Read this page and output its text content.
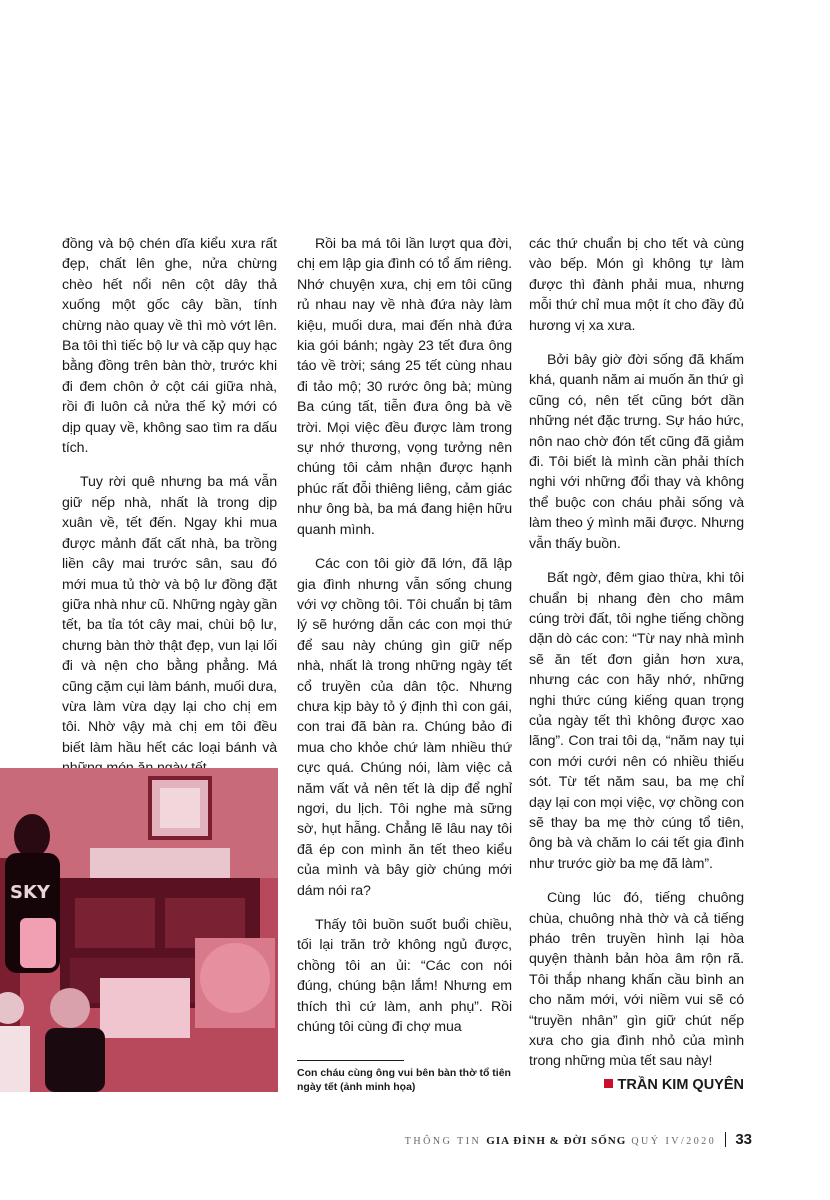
đồng và bộ chén dĩa kiểu xưa rất đẹp, chất lên ghe, nửa chừng chèo hết nổi nên cột dây thả xuống một gốc cây bần, tính chừng nào quay về thì mò vớt lên. Ba tôi thì tiếc bộ lư và cặp quy hạc bằng đồng trên bàn thờ, trước khi đi đem chôn ở cột cái giữa nhà, rồi đi luôn cả nửa thế kỷ mới có dịp quay về, không sao tìm ra dấu tích.

Tuy rời quê nhưng ba má vẫn giữ nếp nhà, nhất là trong dịp xuân về, tết đến. Ngay khi mua được mảnh đất cất nhà, ba trồng liền cây mai trước sân, sau đó mới mua tủ thờ và bộ lư đồng đặt giữa nhà như cũ. Những ngày gần tết, ba tỉa tót cây mai, chùi bộ lư, chưng bàn thờ thật đẹp, vun lại lối đi và nện cho bằng phẳng. Má cũng cặm cụi làm bánh, muối dưa, vừa làm vừa dạy lại cho chị em tôi. Nhờ vậy mà chị em tôi đều biết làm hầu hết các loại bánh và

Rồi ba má tôi lần lượt qua đời, chị em lập gia đình có tổ ấm riêng. Nhớ chuyện xưa, chị em tôi cũng rủ nhau nay về nhà đứa này làm kiệu, muối dưa, mai đến nhà đứa kia gói bánh; ngày 23 tết đưa ông táo về trời; sáng 25 tết cùng nhau đi tảo mộ; 30 rước ông bà; mùng Ba cúng tất, tiễn đưa ông bà về trời. Mọi việc đều được làm trong sự nhớ thương, vọng tưởng nên chúng tôi cảm nhận được hạnh phúc rất đỗi thiêng liêng, cảm giác như ông bà, ba má đang hiện hữu quanh mình.

Các con tôi giờ đã lớn, đã lập gia đình nhưng vẫn sống chung với vợ chồng tôi. Tôi chuẩn bị tâm lý sẽ hướng dẫn các con mọi thứ để sau này chúng gìn giữ nếp nhà, nhất là trong những ngày tết cổ truyền của dân tộc. Nhưng chưa kịp bày tỏ ý định thì con gái, con trai đã bàn ra. Chúng bảo đi mua cho khỏe chứ làm nhiều thứ cực quá. Chúng nói, làm việc cả năm vất vả nên tết là dịp để nghỉ ngơi, du lịch. Tôi nghe mà sững sờ, hụt hẫng. Chẳng lẽ lâu nay tôi đã ép con mình ăn tết theo kiểu của mình và bây giờ chúng mới dám nói ra?

Thấy tôi buồn suốt buổi chiều, tối lại trăn trở không ngủ được, chồng tôi an ủi: “Các con nói đúng, chúng bận lắm! Nhưng em thích thì cứ làm, anh phụ”. Rồi chúng tôi cùng đi chợ mua

các thứ chuẩn bị cho tết và cùng vào bếp. Món gì không tự làm được thì đành phải mua, nhưng mỗi thứ chỉ mua một ít cho đầy đủ hương vị xa xưa.

Bởi bây giờ đời sống đã khấm khá, quanh năm ai muốn ăn thứ gì cũng có, nên tết cũng bớt dần những nét đặc trưng. Sự háo hức, nôn nao chờ đón tết cũng đã giảm đi. Tôi biết là mình cần phải thích nghi với những đổi thay và không thể buộc con cháu phải sống và làm theo ý mình mãi được. Nhưng vẫn thấy buồn.

Bất ngờ, đêm giao thừa, khi tôi chuẩn bị nhang đèn cho mâm cúng trời đất, tôi nghe tiếng chồng dặn dò các con: “Từ nay nhà mình sẽ ăn tết đơn giản hơn xưa, nhưng các con hãy nhớ, những nghi thức cúng kiếng quan trọng của ngày tết thì không được xao lãng”. Con trai tôi dạ, “năm nay tụi con mới cưới nên có nhiều thiếu sót. Từ tết năm sau, ba mẹ chỉ dạy lại con mọi việc, vợ chồng con sẽ thay ba mẹ thờ cúng tổ tiên, ông bà và chăm lo cái tết gia đình như trước giờ ba mẹ đã làm”.

Cùng lúc đó, tiếng chuông chùa, chuông nhà thờ và cả tiếng pháo trên truyền hình lại hòa quyện thành bản hòa âm rộn rã. Tôi thắp nhang khấn cầu bình an cho năm mới, với niềm vui sẽ có “truyền nhân” gìn giữ chút nếp xưa cho gia đình nhỏ của mình trong những mùa tết sau này!

SKY
Con cháu cùng ông vui bên bàn thờ tổ tiên ngày tết (ảnh minh họa)	TRẦN KIM QUYÊN
THÔNG TIN GIA ĐÌNH & ĐỜI SỐNG QUÝ IV/2020 33
